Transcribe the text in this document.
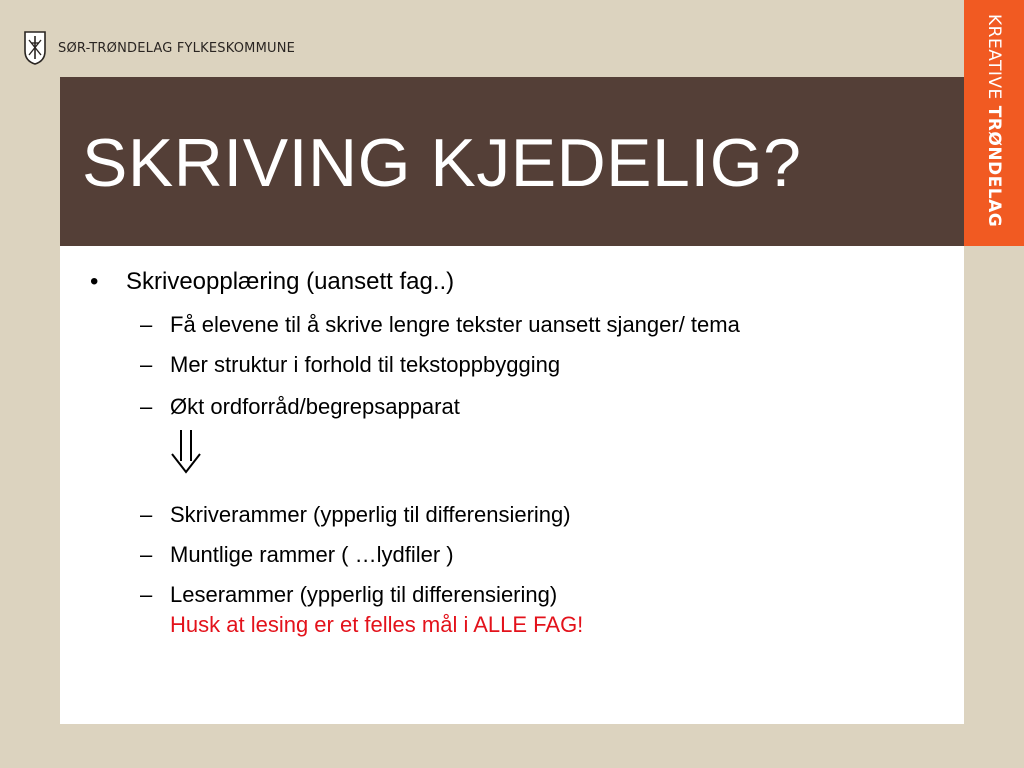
SØR-TRØNDELAG FYLKESKOMMUNE	KREATIVE TRØNDELAG
SKRIVING KJEDELIG?
• Skriveopplæring (uansett fag..)
– Få elevene til å skrive lengre tekster uansett sjanger/ tema
– Mer struktur i forhold til tekstoppbygging
– Økt ordforråd/begrepsapparat
– Skriverammer (ypperlig til differensiering)
– Muntlige rammer ( …lydfiler )
– Leserammer (ypperlig til differensiering)
Husk at lesing er et felles mål i ALLE FAG!
